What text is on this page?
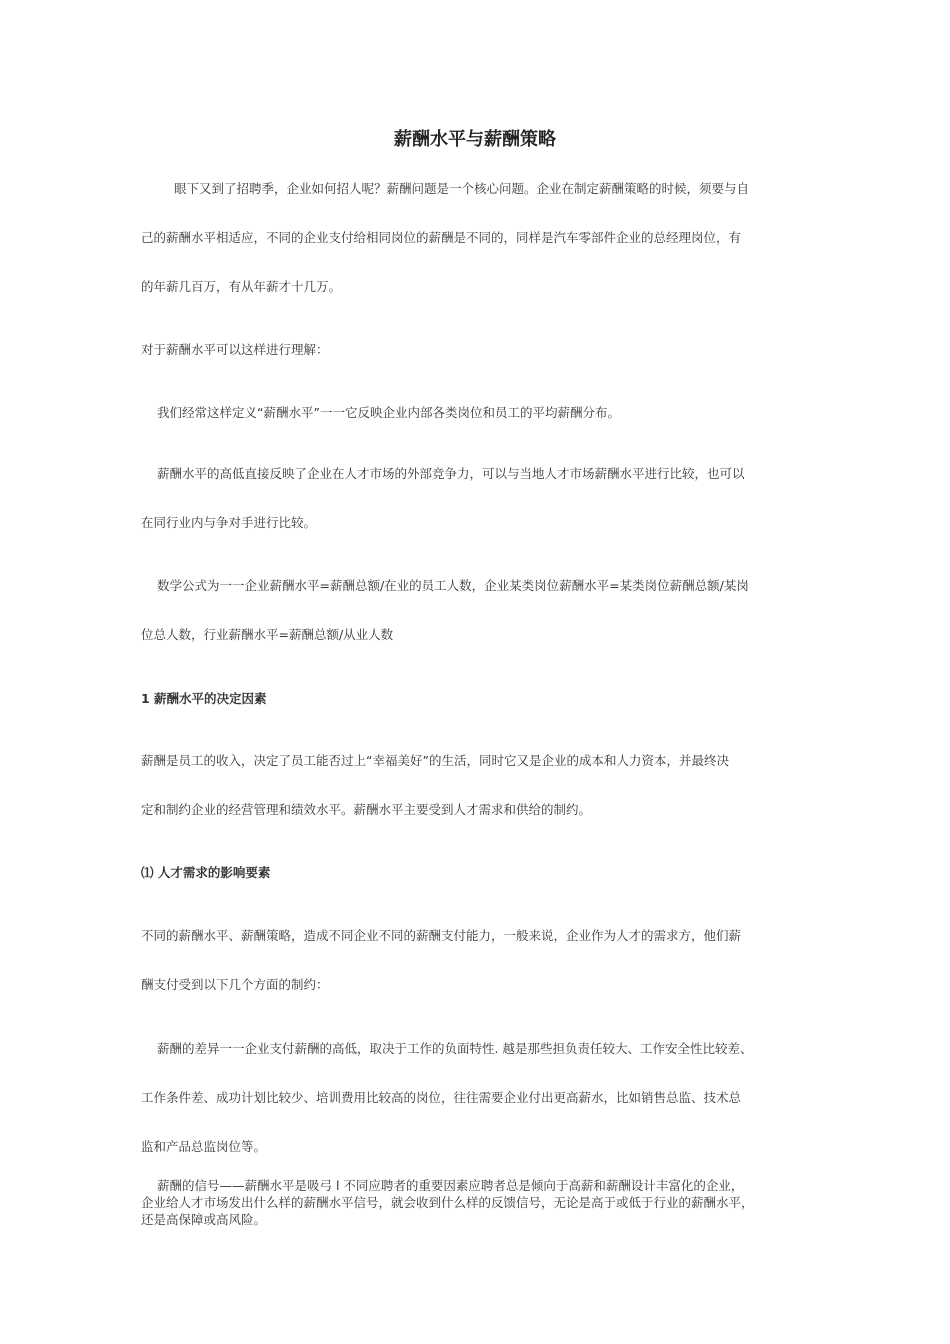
薪酬水平与薪酬策略
眼下又到了招聘季，企业如何招人呢？薪酬问题是一个核心问题。企业在制定薪酬策略的时候，须要与自
己的薪酬水平相适应，不同的企业支付给相同岗位的薪酬是不同的，同样是汽车零部件企业的总经理岗位，有
的年薪几百万，有从年薪才十几万。
对于薪酬水平可以这样进行理解：
我们经常这样定义“薪酬水平”一一它反映企业内部各类岗位和员工的平均薪酬分布。
薪酬水平的高低直接反映了企业在人才市场的外部竞争力，可以与当地人才市场薪酬水平进行比较，也可以
在同行业内与争对手进行比较。
数学公式为一一企业薪酬水平=薪酬总额/在业的员工人数，企业某类岗位薪酬水平=某类岗位薪酬总额/某岗
位总人数，行业薪酬水平=薪酬总额/从业人数
1 薪酬水平的决定因素
薪酬是员工的收入，决定了员工能否过上“幸福美好”的生活，同时它又是企业的成本和人力资本，并最终决
定和制约企业的经营管理和绩效水平。薪酬水平主要受到人才需求和供给的制约。
⑴ 人才需求的影响要素
不同的薪酬水平、薪酬策略，造成不同企业不同的薪酬支付能力，一般来说，企业作为人才的需求方，他们薪
酬支付受到以下几个方面的制约：
薪酬的差异一一企业支付薪酬的高低，取决于工作的负面特性. 越是那些担负责任较大、工作安全性比较差、
工作条件差、成功计划比较少、培训费用比较高的岗位，往往需要企业付出更高薪水，比如销售总监、技术总
监和产品总监岗位等。
薪酬的信号——薪酬水平是吸弓 l 不同应聘者的重要因素应聘者总是倾向于高薪和薪酬设计丰富化的企业，
企业给人才市场发出什么样的薪酬水平信号，就会收到什么样的反馈信号，无论是高于或低于行业的薪酬水平，
还是高保障或高风险。
